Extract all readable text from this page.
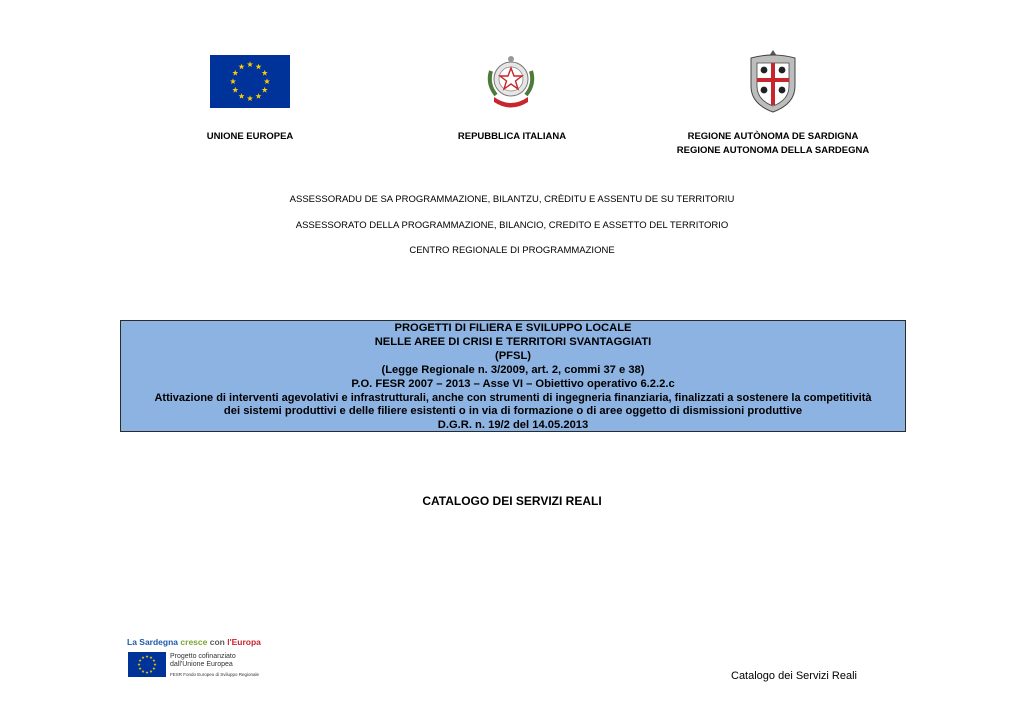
UNIONE EUROPEA	REPUBBLICA ITALIANA	REGIONE AUTÒNOMA DE SARDIGNA
REGIONE AUTONOMA DELLA SARDEGNA
ASSESSORADU DE SA PROGRAMMAZIONE, BILANTZU, CRÈDITU E ASSENTU DE SU TERRITORIU
ASSESSORATO DELLA PROGRAMMAZIONE, BILANCIO, CREDITO E ASSETTO DEL TERRITORIO
CENTRO REGIONALE DI PROGRAMMAZIONE
PROGETTI DI FILIERA E SVILUPPO LOCALE
NELLE AREE DI CRISI E TERRITORI SVANTAGGIATI
(PFSL)
(Legge Regionale n. 3/2009, art. 2, commi 37 e 38)
P.O. FESR 2007 – 2013 – Asse VI – Obiettivo operativo 6.2.2.c
Attivazione di interventi agevolativi e infrastrutturali, anche con strumenti di ingegneria finanziaria, finalizzati a sostenere la competitività
dei sistemi produttivi e delle filiere esistenti o in via di formazione o di aree oggetto di dismissioni produttive
D.G.R. n. 19/2 del 14.05.2013
CATALOGO DEI SERVIZI REALI
La Sardegna cresce con l'Europa
Progetto cofinanziato
dall'Unione Europea
FESR Fondo Europeo di Sviluppo Regionale	Catalogo dei Servizi Reali
